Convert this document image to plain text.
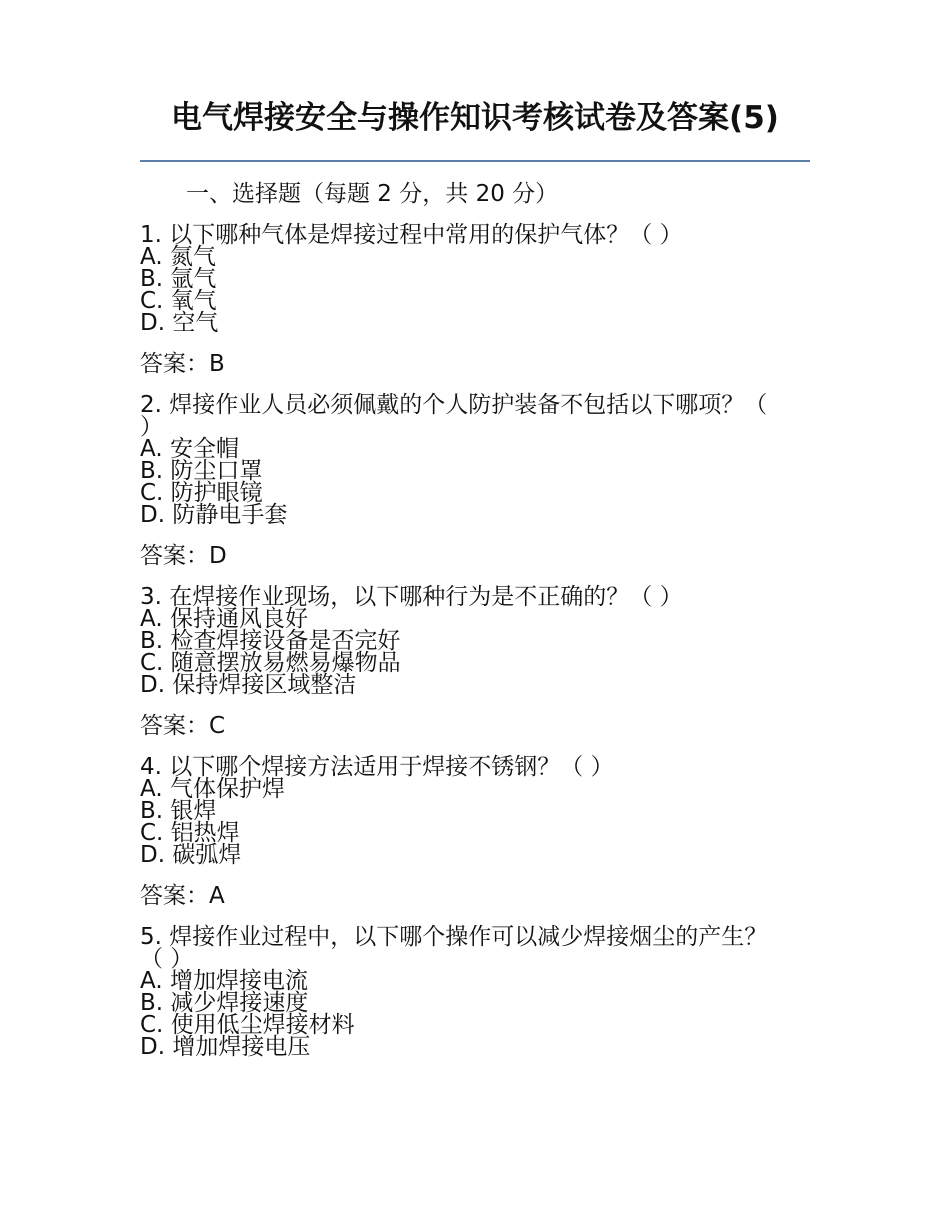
电气焊接安全与操作知识考核试卷及答案(5)
一、选择题（每题 2 分，共 20 分）

1. 以下哪种气体是焊接过程中常用的保护气体？（ ）

A. 氮气
B. 氩气
C. 氧气
D. 空气

答案：B

2. 焊接作业人员必须佩戴的个人防护装备不包括以下哪项？（ ）

A. 安全帽
B. 防尘口罩
C. 防护眼镜
D. 防静电手套

答案：D

3. 在焊接作业现场，以下哪种行为是不正确的？（ ）

A. 保持通风良好
B. 检查焊接设备是否完好
C. 随意摆放易燃易爆物品
D. 保持焊接区域整洁

答案：C

4. 以下哪个焊接方法适用于焊接不锈钢？（ ）

A. 气体保护焊
B. 银焊
C. 铝热焊
D. 碳弧焊

答案：A

5. 焊接作业过程中，以下哪个操作可以减少焊接烟尘的产生？（ ）

A. 增加焊接电流
B. 减少焊接速度
C. 使用低尘焊接材料
D. 增加焊接电压
